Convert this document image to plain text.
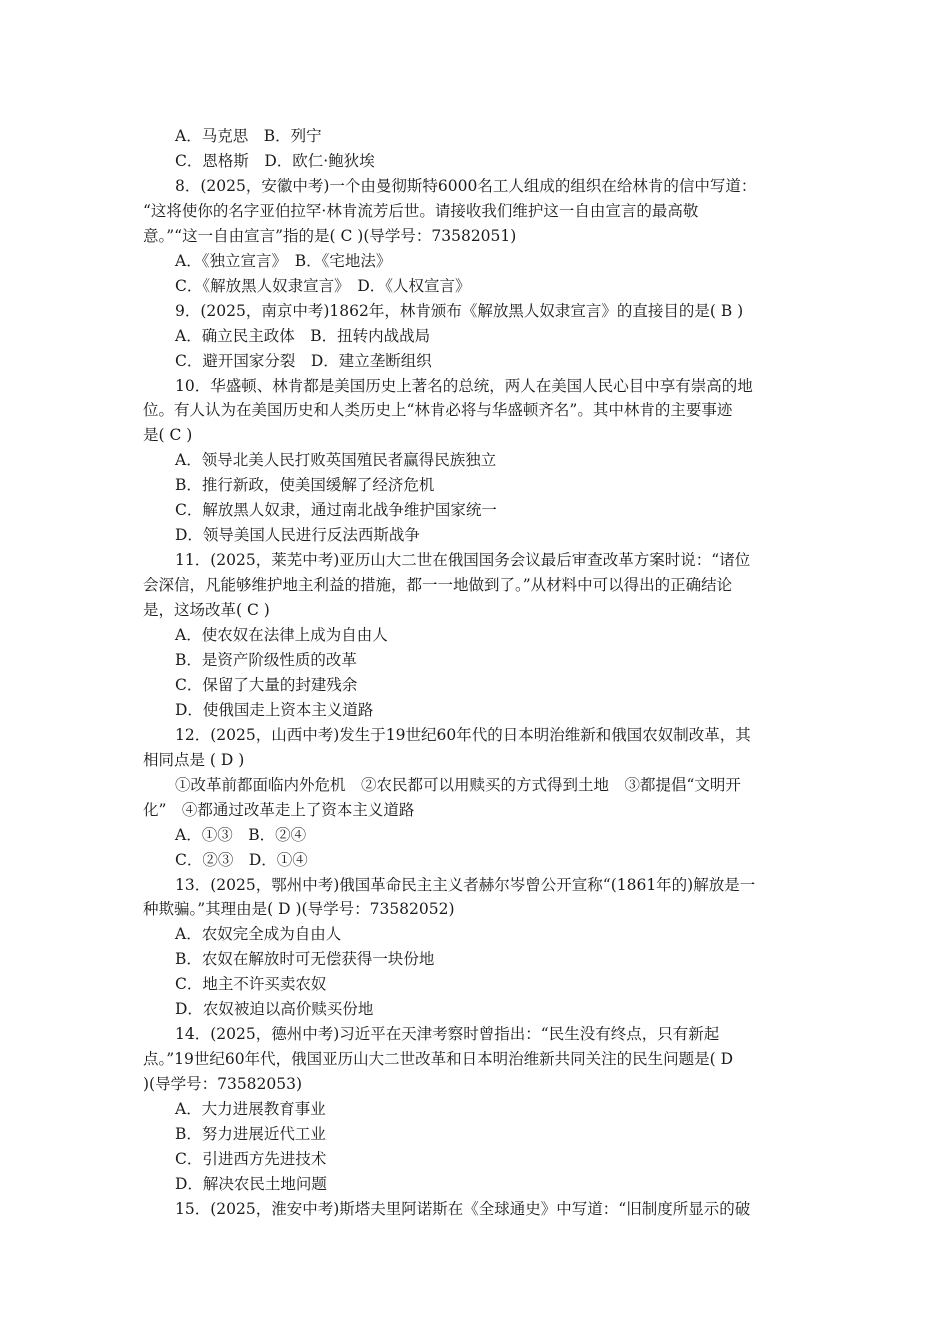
A．马克思　B．列宁
C．恩格斯　D．欧仁·鲍狄埃
8．(2025，安徽中考)一个由曼彻斯特6000名工人组成的组织在给林肯的信中写道：
“这将使你的名字亚伯拉罕·林肯流芳后世。请接收我们维护这一自由宣言的最高敬
意。”“这一自由宣言”指的是( C )(导学号：73582051)
A．《独立宣言》　B．《宅地法》
C．《解放黑人奴隶宣言》　D．《人权宣言》
9．(2025，南京中考)1862年，林肯颁布《解放黑人奴隶宣言》的直接目的是( B )
A．确立民主政体　B．扭转内战战局
C．避开国家分裂　D．建立垄断组织
10．华盛顿、林肯都是美国历史上著名的总统，两人在美国人民心目中享有崇高的地
位。有人认为在美国历史和人类历史上“林肯必将与华盛顿齐名”。其中林肯的主要事迹
是( C )
A．领导北美人民打败英国殖民者赢得民族独立
B．推行新政，使美国缓解了经济危机
C．解放黑人奴隶，通过南北战争维护国家统一
D．领导美国人民进行反法西斯战争
11．(2025，莱芜中考)亚历山大二世在俄国国务会议最后审查改革方案时说：“诸位
会深信，凡能够维护地主利益的措施，都一一地做到了。”从材料中可以得出的正确结论
是，这场改革( C )
A．使农奴在法律上成为自由人
B．是资产阶级性质的改革
C．保留了大量的封建残余
D．使俄国走上资本主义道路
12．(2025，山西中考)发生于19世纪60年代的日本明治维新和俄国农奴制改革，其
相同点是 ( D )
①改革前都面临内外危机　②农民都可以用赎买的方式得到土地　③都提倡“文明开
化”　④都通过改革走上了资本主义道路
A．①③　B．②④
C．②③　D．①④
13．(2025，鄂州中考)俄国革命民主主义者赫尔岑曾公开宣称“(1861年的)解放是一
种欺骗。”其理由是( D )(导学号：73582052)
A．农奴完全成为自由人
B．农奴在解放时可无偿获得一块份地
C．地主不许买卖农奴
D．农奴被迫以高价赎买份地
14．(2025，德州中考)习近平在天津考察时曾指出：“民生没有终点，只有新起
点。”19世纪60年代，俄国亚历山大二世改革和日本明治维新共同关注的民生问题是( D
)(导学号：73582053)
A．大力进展教育事业
B．努力进展近代工业
C．引进西方先进技术
D．解决农民土地问题
15．(2025，淮安中考)斯塔夫里阿诺斯在《全球通史》中写道：“旧制度所显示的破
